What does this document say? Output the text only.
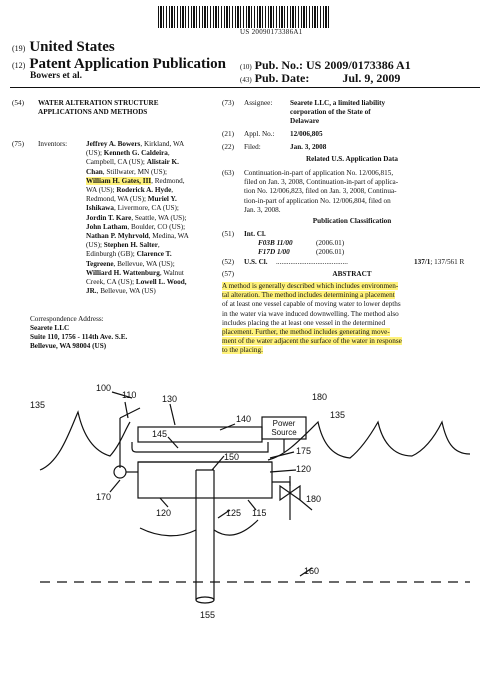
US 20090173386A1
(19) United States
(12) Patent Application Publication
Bowers et al.
(10) Pub. No.: US 2009/0173386 A1
(43) Pub. Date:	Jul. 9, 2009
(54) WATER ALTERATION STRUCTURE
APPLICATIONS AND METHODS
(75) Inventors:	Jeffrey A. Bowers, Kirkland, WA
(US); Kenneth G. Caldeira,
Campbell, CA (US); Alistair K.
Chan, Stillwater, MN (US);
William H. Gates, III, Redmond,
WA (US); Roderick A. Hyde,
Redmond, WA (US); Muriel Y.
Ishikawa, Livermore, CA (US);
Jordin T. Kare, Seattle, WA (US);
John Latham, Boulder, CO (US);
Nathan P. Myhrvold, Medina, WA
(US); Stephen H. Salter,
Edinburgh (GB); Clarence T.
Tegreene, Bellevue, WA (US);
Williard H. Wattenburg, Walnut
Creek, CA (US); Lowell L. Wood,
JR., Bellevue, WA (US)
Correspondence Address:
Searete LLC
Suite 110, 1756 - 114th Ave. S.E.
Bellevue, WA 98004 (US)
(73) Assignee: Searete LLC, a limited liability
corporation of the State of
Delaware
(21) Appl. No.: 12/006,805
(22) Filed:	Jan. 3, 2008
Related U.S. Application Data
(63) Continuation-in-part of application No. 12/006,815,
filed on Jan. 3, 2008, Continuation-in-part of applica-
tion No. 12/006,823, filed on Jan. 3, 2008, Continua-
tion-in-part of application No. 12/006,804, filed on
Jan. 3, 2008.
Publication Classification
(51) Int. Cl.
F03B 11/00	(2006.01)
F17D 1/00	(2006.01)
(52) U.S. Cl. ........................................	137/1; 137/561 R
(57)	ABSTRACT
A method is generally described which includes environmen-
tal alteration. The method includes determining a placement
of at least one vessel capable of moving water to lower depths
in the water via wave induced downwelling. The method also
includes placing the at least one vessel in the determined
placement. Further, the method includes generating move-
ment of the water adjacent the surface of the water in response
to the placing.
100
110
135
130	180
135
140
145
150
175
120
170
120	125 115
180
160
155
Power
Source
